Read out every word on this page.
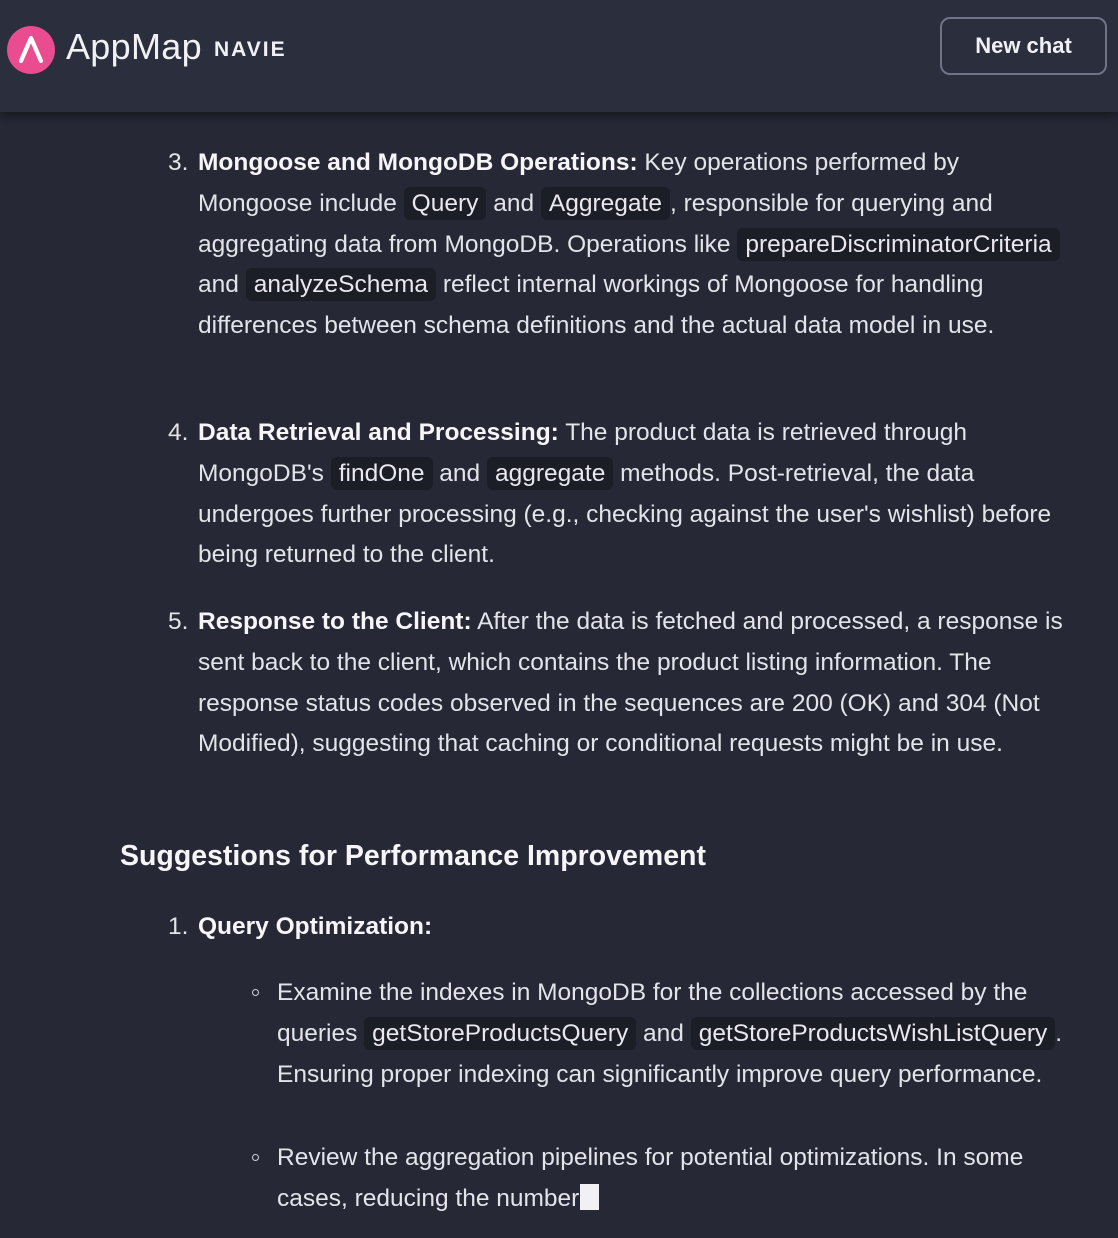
AppMap NAVIE	New chat
3. Mongoose and MongoDB Operations: Key operations performed by Mongoose include Query and Aggregate , responsible for querying and aggregating data from MongoDB. Operations like prepareDiscriminatorCriteria and analyzeSchema reflect internal workings of Mongoose for handling differences between schema definitions and the actual data model in use.
4. Data Retrieval and Processing: The product data is retrieved through MongoDB's findOne and aggregate methods. Post-retrieval, the data undergoes further processing (e.g., checking against the user's wishlist) before being returned to the client.
5. Response to the Client: After the data is fetched and processed, a response is sent back to the client, which contains the product listing information. The response status codes observed in the sequences are 200 (OK) and 304 (Not Modified), suggesting that caching or conditional requests might be in use.
Suggestions for Performance Improvement
1. Query Optimization:
Examine the indexes in MongoDB for the collections accessed by the queries getStoreProductsQuery and getStoreProductsWishListQuery . Ensuring proper indexing can significantly improve query performance.
Review the aggregation pipelines for potential optimizations. In some cases, reducing the number
